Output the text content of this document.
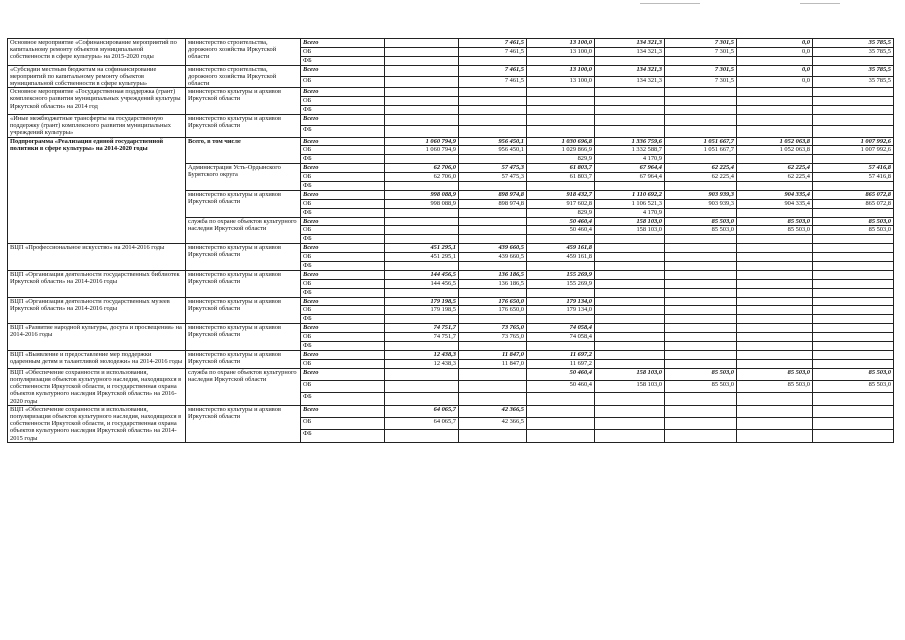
Основное мероприятие «Софинансирование мероприятий по капитальному ремонту объектов муниципальной собственности в сфере культуры» на 2015-2020 годы	министерство строительства, дорожного хозяйства Иркутской области	Всего		7 461,5	13 100,0	134 321,3	7 301,5	0,0	35 785,5
		ОБ		7 461,5	13 100,0	134 321,3	7 301,5	0,0	35 785,5
		ФБ							
«Субсидии местным бюджетам на софинансирование мероприятий по капитальному ремонту объектов муниципальной собственности в сфере культуры»	министерство строительства, дорожного хозяйства Иркутской области	Всего		7 461,5	13 100,0	134 321,3	7 301,5	0,0	35 785,5
		ОБ		7 461,5	13 100,0	134 321,3	7 301,5	0,0	35 785,5
Основное мероприятие «Государственная поддержка (грант) комплексного развития муниципальных учреждений культуры Иркутской области» на 2014 год	министерство культуры и архивов Иркутской области	Всего							
		ОБ							
		ФБ							
«Иные межбюджетные трансферты на государственную поддержку (грант) комплексного развития муниципальных учреждений культуры»	министерство культуры и архивов Иркутской области	Всего							
		ФБ							
Подпрограмма «Реализация единой государственной политики в сфере культуры» на 2014-2020 годы	Всего, в том числе	Всего	1 060 794,9	956 450,1	1 030 696,8	1 336 759,6	1 051 667,7	1 052 063,8	1 007 992,6
		ОБ	1 060 794,9	956 450,1	1 029 866,9	1 332 588,7	1 051 667,7	1 052 063,8	1 007 992,6
		ФБ			829,9	4 170,9			
	Администрация Усть-Ордынского Бурятского округа	Всего	62 706,0	57 475,3	61 803,7	67 964,4	62 225,4	62 225,4	57 416,8
		ОБ	62 706,0	57 475,3	61 803,7	67 964,4	62 225,4	62 225,4	57 416,8
		ФБ							
	министерство культуры и архивов Иркутской области	Всего	998 088,9	898 974,8	918 432,7	1 110 692,2	903 939,3	904 335,4	865 072,8
		ОБ	998 088,9	898 974,8	917 602,8	1 106 521,3	903 939,3	904 335,4	865 072,8
		ФБ			829,9	4 170,9			
	служба по охране объектов культурного наследия Иркутской области	Всего			50 460,4	158 103,0	85 503,0	85 503,0	85 503,0
		ОБ			50 460,4	158 103,0	85 503,0	85 503,0	85 503,0
		ФБ							
ВЦП «Профессиональное искусство» на 2014-2016 годы	министерство культуры и архивов Иркутской области	Всего	451 295,1	439 660,5	459 161,8				
		ОБ	451 295,1	439 660,5	459 161,8				
		ФБ							
ВЦП «Организация деятельности государственных библиотек Иркутской области» на 2014-2016 годы	министерство культуры и архивов Иркутской области	Всего	144 456,5	136 186,5	155 269,9				
		ОБ	144 456,5	136 186,5	155 269,9				
		ФБ							
ВЦП «Организация деятельности государственных музеев Иркутской области» на 2014-2016 годы	министерство культуры и архивов Иркутской области	Всего	179 198,5	176 650,0	179 134,0				
		ОБ	179 198,5	176 650,0	179 134,0				
		ФБ							
ВЦП «Развитие народной культуры, досуга и просвещения» на 2014-2016 годы	министерство культуры и архивов Иркутской области	Всего	74 751,7	73 765,0	74 058,4				
		ОБ	74 751,7	73 765,0	74 058,4				
		ФБ							
ВЦП «Выявление и предоставление мер поддержки одаренным детям и талантливой молодежи» на 2014-2016 годы	министерство культуры и архивов Иркутской области	Всего	12 438,3	11 847,0	11 697,2				
		ОБ	12 438,3	11 847,0	11 697,2				
ВЦП «Обеспечение сохранности и использования, популяризация объектов культурного наследия, находящихся в собственности Иркутской области, и государственная охрана объектов культурного наследия Иркутской области» на 2016-2020 годы	служба по охране объектов культурного наследия Иркутской области	Всего			50 460,4	158 103,0	85 503,0	85 503,0	85 503,0
		ОБ			50 460,4	158 103,0	85 503,0	85 503,0	85 503,0
		ФБ							
ВЦП «Обеспечение сохранности и использования, популяризация объектов культурного наследия, находящихся в собственности Иркутской области, и государственная охрана объектов культурного наследия Иркутской области» на 2014-2015 годы	министерство культуры и архивов Иркутской области	Всего	64 065,7	42 366,5					
		ОБ	64 065,7	42 366,5					
		ФБ							
